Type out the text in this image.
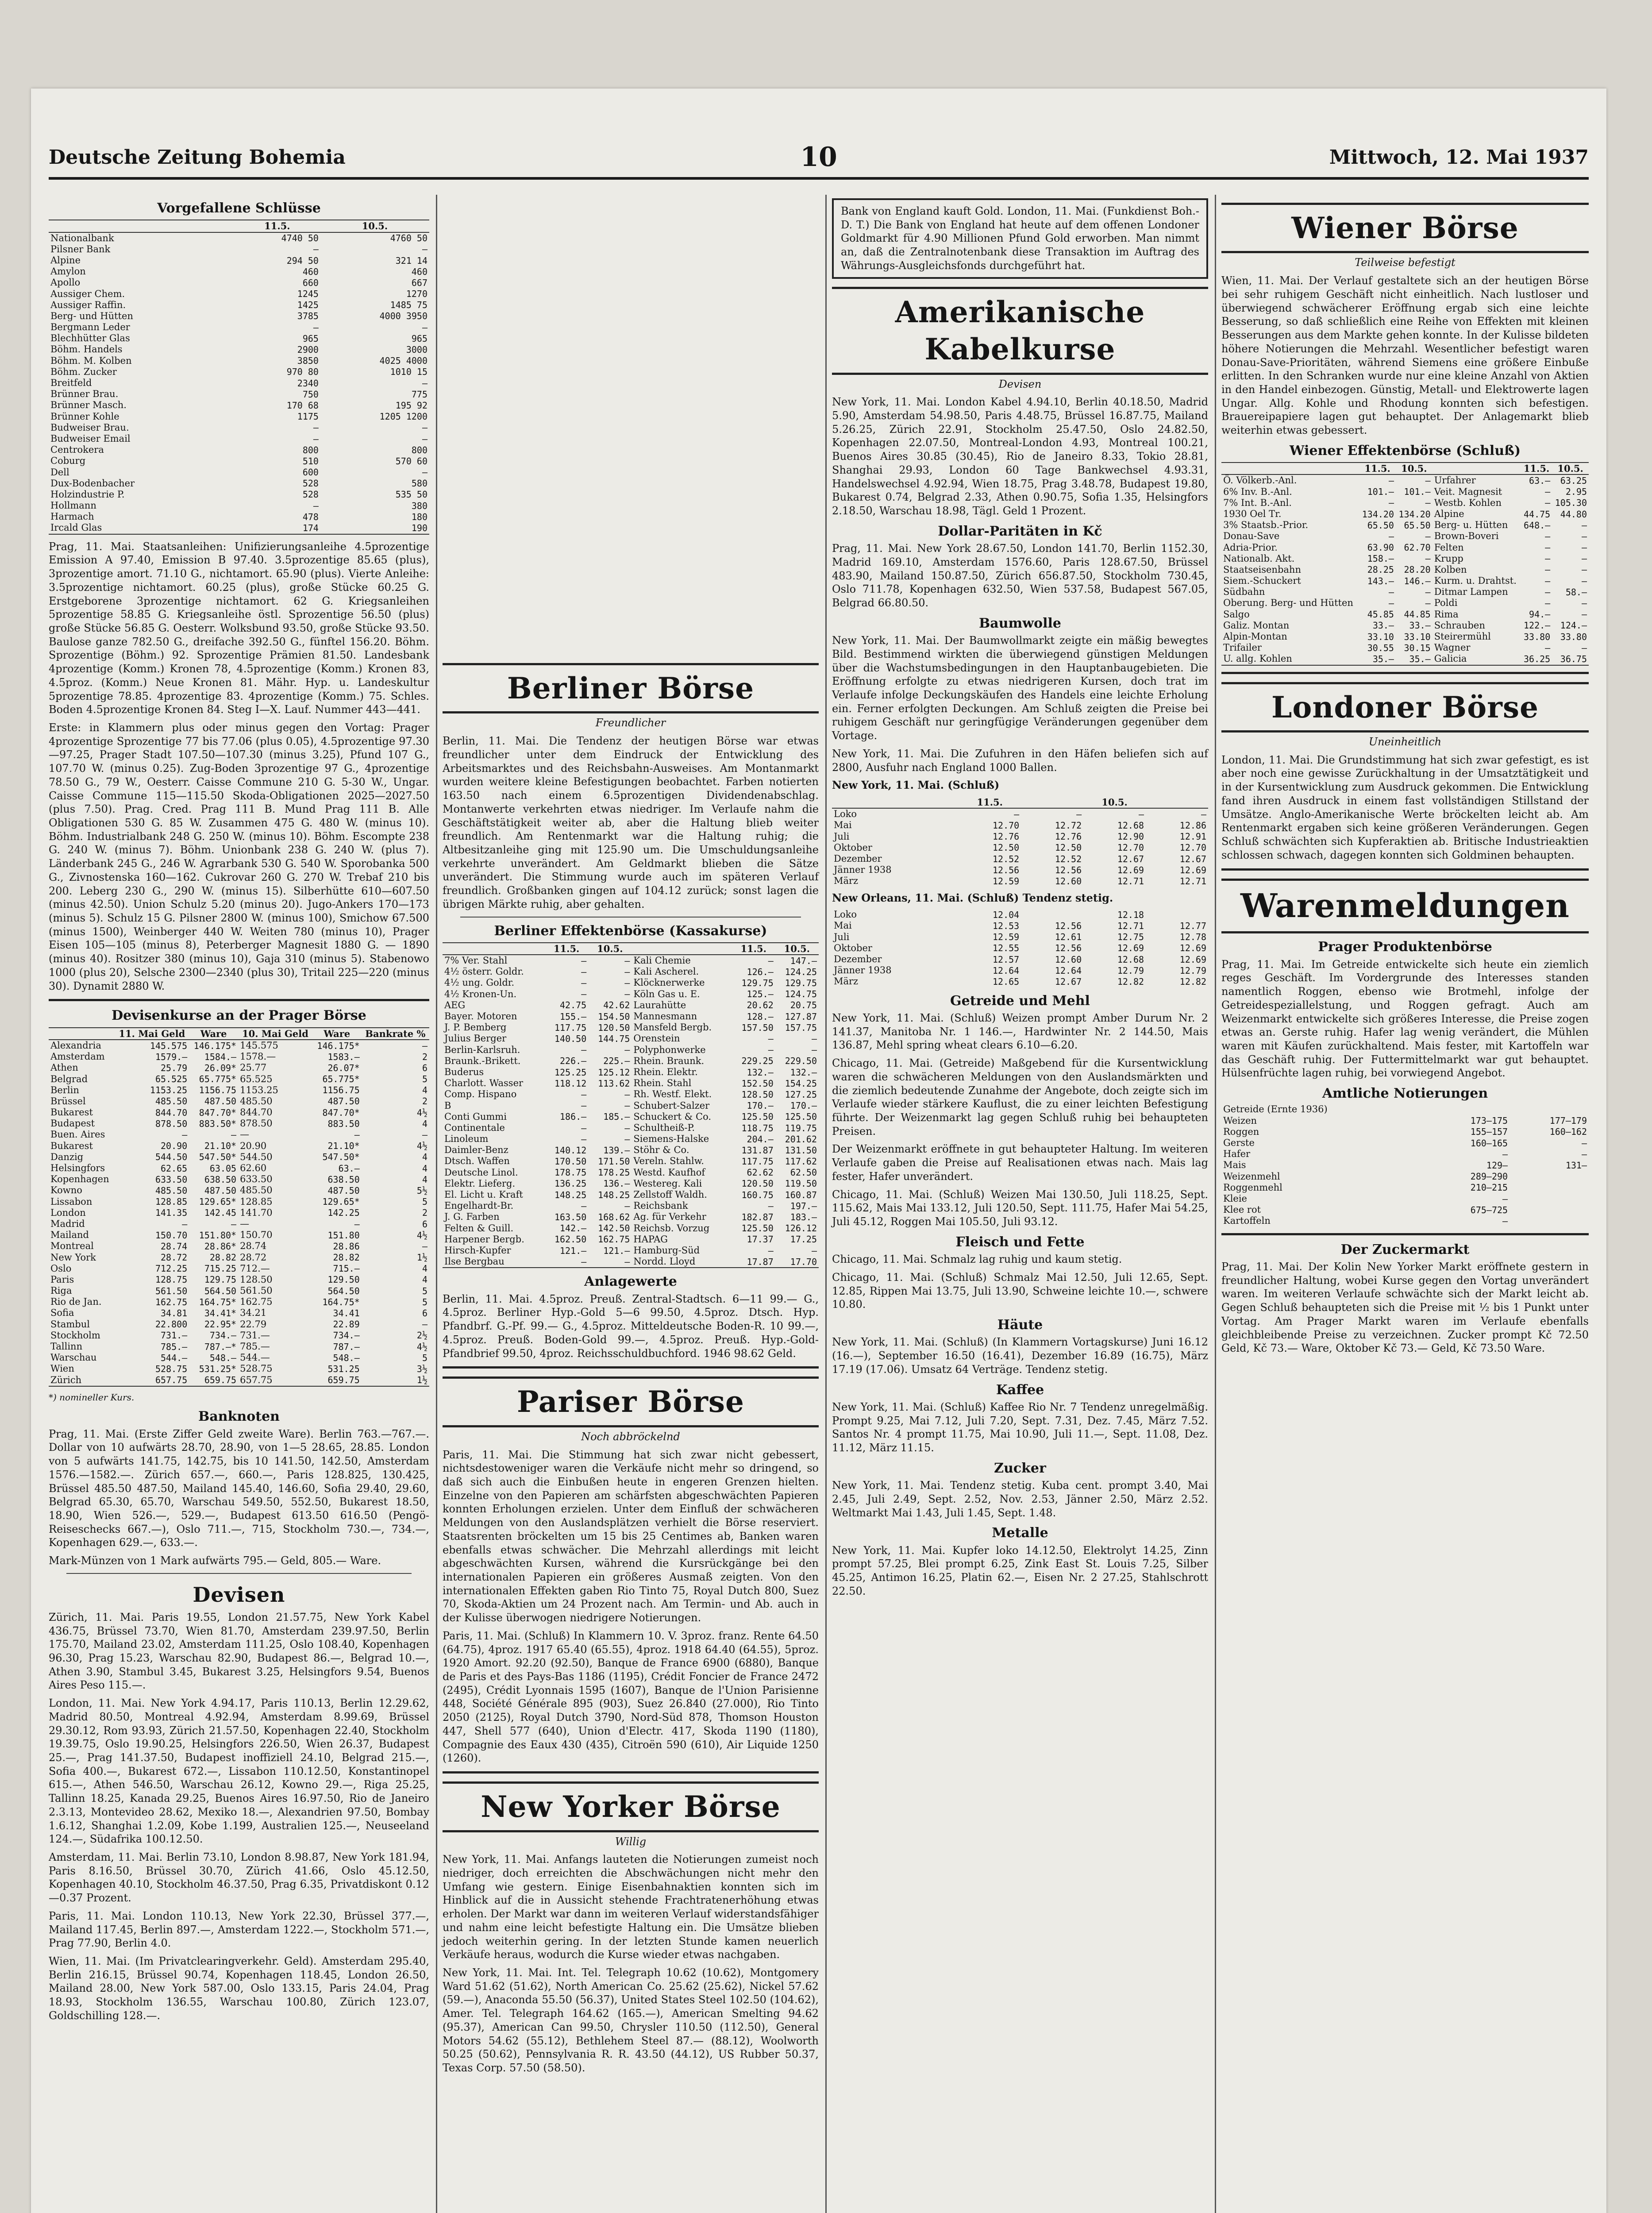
Deutsche Zeitung Bohemia	10	Mittwoch, 12. Mai 1937
Vorgefallene Schlüsse
	11.5.	10.5.
Nationalbank	4740 50	4760 50
Pilsner Bank	—	—
Alpine	294 50	321 14
Amylon	460	460
Apollo	660	667
Aussiger Chem.	1245	1270
Aussiger Raffin.	1425	1485 75
Berg- und Hütten	3785	4000 3950
Bergmann Leder	—	—
Blechhütter Glas	965	965
Böhm. Handels	2900	3000
Böhm. M. Kolben	3850	4025 4000
Böhm. Zucker	970 80	1010 15
Breitfeld	2340	—
Brünner Brau.	750	775
Brünner Masch.	170 68	195 92
Brünner Kohle	1175	1205 1200
Budweiser Brau.	—	—
Budweiser Email	—	—
Centrokera	800	800
Coburg	510	570 60
Dell	600	—
Dux-Bodenbacher	528	580
Holzindustrie P.	528	535 50
Hollmann	—	380
Harmach	478	180
Ircald Glas	174	190

Prag, 11. Mai. Staatsanleihen: Unifizierungsanleihe 4.5prozentige Emission A 97.40, Emission B 97.40. 3.5prozentige 85.65 (plus), 3prozentige amort. 71.10 G., nichtamort. 65.90 (plus). Vierte Anleihe: 3.5prozentige nichtamort. 60.25 (plus), große Stücke 60.25 G. Erstgeborene 3prozentige nichtamort. 62 G. Kriegsanleihen 5prozentige 58.85 G. Kriegsanleihe östl. Sprozentige 56.50 (plus) große Stücke 56.85 G. Oesterr. Wolksbund 93.50, große Stücke 93.50. Baulose ganze 782.50 G., dreifache 392.50 G., fünftel 156.20. Böhm. Sprozentige (Böhm.) 92. Sprozentige Prämien 81.50. Landesbank 4prozentige (Komm.) Kronen 78, 4.5prozentige (Komm.) Kronen 83, 4.5proz. (Komm.) Neue Kronen 81. Mähr. Hyp. u. Landeskultur 5prozentige 78.85. 4prozentige 83. 4prozentige (Komm.) 75. Schles. Boden 4.5prozentige Kronen 84. Steg I—X. Lauf. Nummer 443—441.

Erste: in Klammern plus oder minus gegen den Vortag: Prager 4prozentige Sprozentige 77 bis 77.06 (plus 0.05), 4.5prozentige 97.30—97.25, Prager Stadt 107.50—107.30 (minus 3.25), Pfund 107 G., 107.70 W. (minus 0.25). Zug-Boden 3prozentige 97 G., 4prozentige 78.50 G., 79 W., Oesterr. Caisse Commune 210 G. 5-30 W., Ungar. Caisse Commune 115—115.50 Skoda-Obligationen 2025—2027.50 (plus 7.50). Prag. Cred. Prag 111 B. Mund Prag 111 B. Alle Obligationen 530 G. 85 W. Zusammen 475 G. 480 W. (minus 10). Böhm. Industrialbank 248 G. 250 W. (minus 10). Böhm. Escompte 238 G. 240 W. (minus 7). Böhm. Unionbank 238 G. 240 W. (plus 7). Länderbank 245 G., 246 W. Agrarbank 530 G. 540 W. Sporobanka 500 G., Zivnostenska 160—162. Cukrovar 260 G. 270 W. Trebaf 210 bis 200. Leberg 230 G., 290 W. (minus 15). Silberhütte 610—607.50 (minus 42.50). Union Schulz 5.20 (minus 20). Jugo-Ankers 170—173 (minus 5). Schulz 15 G. Pilsner 2800 W. (minus 100), Smichow 67.500 (minus 1500), Weinberger 440 W. Weiten 780 (minus 10), Prager Eisen 105—105 (minus 8), Peterberger Magnesit 1880 G. — 1890 (minus 40). Rositzer 380 (minus 10), Gaja 310 (minus 5). Stabenowo 1000 (plus 20), Selsche 2300—2340 (plus 30), Tritail 225—220 (minus 30). Dynamit 2880 W.

Devisenkurse an der Prager Börse
	11. Mai Geld	Ware	10. Mai Geld	Ware	Bankrate %
Alexandria	145.575	146.175*	145.575	146.175*	—
Amsterdam	1579.—	1584.—	1578.—	1583.—	2
Athen	25.79	26.09*	25.77	26.07*	6
Belgrad	65.525	65.775*	65.525	65.775*	5
Berlin	1153.25	1156.75	1153.25	1156.75	4
Brüssel	485.50	487.50	485.50	487.50	2
Bukarest	844.70	847.70*	844.70	847.70*	4½
Budapest	878.50	883.50*	878.50	883.50	4
Buen. Aires	—	—	—	—	—
Bukarest	20.90	21.10*	20.90	21.10*	4½
Danzig	544.50	547.50*	544.50	547.50*	4
Helsingfors	62.65	63.05	62.60	63.—	4
Kopenhagen	633.50	638.50	633.50	638.50	4
Kowno	485.50	487.50	485.50	487.50	5½
Lissabon	128.85	129.65*	128.85	129.65*	5
London	141.35	142.45	141.70	142.25	2
Madrid	—	—	—	—	6
Mailand	150.70	151.80*	150.70	151.80	4½
Montreal	28.74	28.86*	28.74	28.86	—
New York	28.72	28.82	28.72	28.82	1½
Oslo	712.25	715.25	712.—	715.—	4
Paris	128.75	129.75	128.50	129.50	4
Riga	561.50	564.50	561.50	564.50	5
Rio de Jan.	162.75	164.75*	162.75	164.75*	5
Sofia	34.81	34.41*	34.21	34.41	6
Stambul	22.800	22.95*	22.79	22.89	—
Stockholm	731.—	734.—	731.—	734.—	2½
Tallinn	785.—	787.—*	785.—	787.—	4½
Warschau	544.—	548.—	544.—	548.—	5
Wien	528.75	531.25*	528.75	531.25	3½
Zürich	657.75	659.75	657.75	659.75	1½
*) nomineller Kurs.
Banknoten

Prag, 11. Mai. (Erste Ziffer Geld zweite Ware). Berlin 763.—767.—. Dollar von 10 aufwärts 28.70, 28.90, von 1—5 28.65, 28.85. London von 5 aufwärts 141.75, 142.75, bis 10 141.50, 142.50, Amsterdam 1576.—1582.—. Zürich 657.—, 660.—, Paris 128.825, 130.425, Brüssel 485.50 487.50, Mailand 145.40, 146.60, Sofia 29.40, 29.60, Belgrad 65.30, 65.70, Warschau 549.50, 552.50, Bukarest 18.50, 18.90, Wien 526.—, 529.—, Budapest 613.50 616.50 (Pengö-Reiseschecks 667.—), Oslo 711.—, 715, Stockholm 730.—, 734.—, Kopenhagen 629.—, 633.—.

Mark-Münzen von 1 Mark aufwärts 795.— Geld, 805.— Ware.

Devisen

Zürich, 11. Mai. Paris 19.55, London 21.57.75, New York Kabel 436.75, Brüssel 73.70, Wien 81.70, Amsterdam 239.97.50, Berlin 175.70, Mailand 23.02, Amsterdam 111.25, Oslo 108.40, Kopenhagen 96.30, Prag 15.23, Warschau 82.90, Budapest 86.—, Belgrad 10.—, Athen 3.90, Stambul 3.45, Bukarest 3.25, Helsingfors 9.54, Buenos Aires Peso 115.—.

London, 11. Mai. New York 4.94.17, Paris 110.13, Berlin 12.29.62, Madrid 80.50, Montreal 4.92.94, Amsterdam 8.99.69, Brüssel 29.30.12, Rom 93.93, Zürich 21.57.50, Kopenhagen 22.40, Stockholm 19.39.75, Oslo 19.90.25, Helsingfors 226.50, Wien 26.37, Budapest 25.—, Prag 141.37.50, Budapest inoffiziell 24.10, Belgrad 215.—, Sofia 400.—, Bukarest 672.—, Lissabon 110.12.50, Konstantinopel 615.—, Athen 546.50, Warschau 26.12, Kowno 29.—, Riga 25.25, Tallinn 18.25, Kanada 29.25, Buenos Aires 16.97.50, Rio de Janeiro 2.3.13, Montevideo 28.62, Mexiko 18.—, Alexandrien 97.50, Bombay 1.6.12, Shanghai 1.2.09, Kobe 1.199, Australien 125.—, Neuseeland 124.—, Südafrika 100.12.50.

Amsterdam, 11. Mai. Berlin 73.10, London 8.98.87, New York 181.94, Paris 8.16.50, Brüssel 30.70, Zürich 41.66, Oslo 45.12.50, Kopenhagen 40.10, Stockholm 46.37.50, Prag 6.35, Privatdiskont 0.12—0.37 Prozent.

Paris, 11. Mai. London 110.13, New York 22.30, Brüssel 377.—, Mailand 117.45, Berlin 897.—, Amsterdam 1222.—, Stockholm 571.—, Prag 77.90, Berlin 4.0.

Wien, 11. Mai. (Im Privatclearingverkehr. Geld). Amsterdam 295.40, Berlin 216.15, Brüssel 90.74, Kopenhagen 118.45, London 26.50, Mailand 28.00, New York 587.00, Oslo 133.15, Paris 24.04, Prag 18.93, Stockholm 136.55, Warschau 100.80, Zürich 123.07, Goldschilling 128.—.

Berliner Börse
Freundlicher

Berlin, 11. Mai. Die Tendenz der heutigen Börse war etwas freundlicher unter dem Eindruck der Entwicklung des Arbeitsmarktes und des Reichsbahn-Ausweises. Am Montanmarkt wurden weitere kleine Befestigungen beobachtet. Farben notierten 163.50 nach einem 6.5prozentigen Dividendenabschlag. Montanwerte verkehrten etwas niedriger. Im Verlaufe nahm die Geschäftstätigkeit weiter ab, aber die Haltung blieb weiter freundlich. Am Rentenmarkt war die Haltung ruhig; die Altbesitzanleihe ging mit 125.90 um. Die Umschuldungsanleihe verkehrte unverändert. Am Geldmarkt blieben die Sätze unverändert. Die Stimmung wurde auch im späteren Verlauf freundlich. Großbanken gingen auf 104.12 zurück; sonst lagen die übrigen Märkte ruhig, aber gehalten.

Berliner Effektenbörse (Kassakurse)
	11.5.	10.5.		11.5.	10.5.
7% Ver. Stahl	—	—	Kali Chemie	—	147.—
4½ österr. Goldr.	—	—	Kali Ascherel.	126.—	124.25
4½ ung. Goldr.	—	—	Klöcknerwerke	129.75	129.75
4½ Kronen-Un.	—	—	Köln Gas u. E.	125.—	124.75
AEG	42.75	42.62	Laurahütte	20.62	20.75
Bayer. Motoren	155.—	154.50	Mannesmann	128.—	127.87
J. P. Bemberg	117.75	120.50	Mansfeld Bergb.	157.50	157.75
Julius Berger	140.50	144.75	Orenstein	—	—
Berlin-Karlsruh.	—	—	Polyphonwerke	—	—
Braunk.-Brikett.	226.—	225.—	Rhein. Braunk.	229.25	229.50
Buderus	125.25	125.12	Rhein. Elektr.	132.—	132.—
Charlott. Wasser	118.12	113.62	Rhein. Stahl	152.50	154.25
Comp. Hispano	—	—	Rh. Westf. Elekt.	128.50	127.25
B	—	—	Schubert-Salzer	170.—	170.—
Conti Gummi	186.—	185.—	Schuckert & Co.	125.50	125.50
Continentale	—	—	Schultheiß-P.	118.75	119.75
Linoleum	—	—	Siemens-Halske	204.—	201.62
Daimler-Benz	140.12	139.—	Stöhr & Co.	131.87	131.50
Dtsch. Waffen	170.50	171.50	Vereln. Stahlw.	117.75	117.62
Deutsche Linol.	178.75	178.25	Westd. Kaufhof	62.62	62.50
Elektr. Lieferg.	136.25	136.—	Westereg. Kali	120.50	119.50
El. Licht u. Kraft	148.25	148.25	Zellstoff Waldh.	160.75	160.87
Engelhardt-Br.	—	—	Reichsbank	—	197.—
J. G. Farben	163.50	168.62	Ag. für Verkehr	182.87	183.—
Felten & Guill.	142.—	142.50	Reichsb. Vorzug	125.50	126.12
Harpener Bergb.	162.50	162.75	HAPAG	17.37	17.25
Hirsch-Kupfer	121.—	121.—	Hamburg-Süd	—	—
Ilse Bergbau	—	—	Nordd. Lloyd	17.87	17.70
Anlagewerte

Berlin, 11. Mai. 4.5proz. Preuß. Zentral-Stadtsch. 6—11 99.— G., 4.5proz. Berliner Hyp.-Gold 5—6 99.50, 4.5proz. Dtsch. Hyp. Pfandbrf. G.-Pf. 99.— G., 4.5proz. Mitteldeutsche Boden-R. 10 99.—, 4.5proz. Preuß. Boden-Gold 99.—, 4.5proz. Preuß. Hyp.-Gold-Pfandbrief 99.50, 4proz. Reichsschuldbuchford. 1946 98.62 Geld.

Pariser Börse
Noch abbröckelnd

Paris, 11. Mai. Die Stimmung hat sich zwar nicht gebessert, nichtsdestoweniger waren die Verkäufe nicht mehr so dringend, so daß sich auch die Einbußen heute in engeren Grenzen hielten. Einzelne von den Papieren am schärfsten abgeschwächten Papieren konnten Erholungen erzielen. Unter dem Einfluß der schwächeren Meldungen von den Auslandsplätzen verhielt die Börse reserviert. Staatsrenten bröckelten um 15 bis 25 Centimes ab, Banken waren ebenfalls etwas schwächer. Die Mehrzahl allerdings mit leicht abgeschwächten Kursen, während die Kursrückgänge bei den internationalen Papieren ein größeres Ausmaß zeigten. Von den internationalen Effekten gaben Rio Tinto 75, Royal Dutch 800, Suez 70, Skoda-Aktien um 24 Prozent nach. Am Termin- und Ab. auch in der Kulisse überwogen niedrigere Notierungen.

Paris, 11. Mai. (Schluß) In Klammern 10. V. 3proz. franz. Rente 64.50 (64.75), 4proz. 1917 65.40 (65.55), 4proz. 1918 64.40 (64.55), 5proz. 1920 Amort. 92.20 (92.50), Banque de France 6900 (6880), Banque de Paris et des Pays-Bas 1186 (1195), Crédit Foncier de France 2472 (2495), Crédit Lyonnais 1595 (1607), Banque de l'Union Parisienne 448, Société Générale 895 (903), Suez 26.840 (27.000), Rio Tinto 2050 (2125), Royal Dutch 3790, Nord-Süd 878, Thomson Houston 447, Shell 577 (640), Union d'Electr. 417, Skoda 1190 (1180), Compagnie des Eaux 430 (435), Citroën 590 (610), Air Liquide 1250 (1260).

New Yorker Börse
Willig

New York, 11. Mai. Anfangs lauteten die Notierungen zumeist noch niedriger, doch erreichten die Abschwächungen nicht mehr den Umfang wie gestern. Einige Eisenbahnaktien konnten sich im Hinblick auf die in Aussicht stehende Frachtratenerhöhung etwas erholen. Der Markt war dann im weiteren Verlauf widerstandsfähiger und nahm eine leicht befestigte Haltung ein. Die Umsätze blieben jedoch weiterhin gering. In der letzten Stunde kamen neuerlich Verkäufe heraus, wodurch die Kurse wieder etwas nachgaben.

New York, 11. Mai. Int. Tel. Telegraph 10.62 (10.62), Montgomery Ward 51.62 (51.62), North American Co. 25.62 (25.62), Nickel 57.62 (59.—), Anaconda 55.50 (56.37), United States Steel 102.50 (104.62), Amer. Tel. Telegraph 164.62 (165.—), American Smelting 94.62 (95.37), American Can 99.50, Chrysler 110.50 (112.50), General Motors 54.62 (55.12), Bethlehem Steel 87.— (88.12), Woolworth 50.25 (50.62), Pennsylvania R. R. 43.50 (44.12), US Rubber 50.37, Texas Corp. 57.50 (58.50).

Bank von England kauft Gold. London, 11. Mai. (Funkdienst Boh.-D. T.) Die Bank von England hat heute auf dem offenen Londoner Goldmarkt für 4.90 Millionen Pfund Gold erworben. Man nimmt an, daß die Zentralnotenbank diese Transaktion im Auftrag des Währungs-Ausgleichsfonds durchgeführt hat.

Amerikanische Kabelkurse
Devisen

New York, 11. Mai. London Kabel 4.94.10, Berlin 40.18.50, Madrid 5.90, Amsterdam 54.98.50, Paris 4.48.75, Brüssel 16.87.75, Mailand 5.26.25, Zürich 22.91, Stockholm 25.47.50, Oslo 24.82.50, Kopenhagen 22.07.50, Montreal-London 4.93, Montreal 100.21, Buenos Aires 30.85 (30.45), Rio de Janeiro 8.33, Tokio 28.81, Shanghai 29.93, London 60 Tage Bankwechsel 4.93.31, Handelswechsel 4.92.94, Wien 18.75, Prag 3.48.78, Budapest 19.80, Bukarest 0.74, Belgrad 2.33, Athen 0.90.75, Sofia 1.35, Helsingfors 2.18.50, Warschau 18.98, Tägl. Geld 1 Prozent.

Dollar-Paritäten in Kč

Prag, 11. Mai. New York 28.67.50, London 141.70, Berlin 1152.30, Madrid 169.10, Amsterdam 1576.60, Paris 128.67.50, Brüssel 483.90, Mailand 150.87.50, Zürich 656.87.50, Stockholm 730.45, Oslo 711.78, Kopenhagen 632.50, Wien 537.58, Budapest 567.05, Belgrad 66.80.50.

Baumwolle

New York, 11. Mai. Der Baumwollmarkt zeigte ein mäßig bewegtes Bild. Bestimmend wirkten die überwiegend günstigen Meldungen über die Wachstumsbedingungen in den Hauptanbaugebieten. Die Eröffnung erfolgte zu etwas niedrigeren Kursen, doch trat im Verlaufe infolge Deckungskäufen des Handels eine leichte Erholung ein. Ferner erfolgten Deckungen. Am Schluß zeigten die Preise bei ruhigem Geschäft nur geringfügige Veränderungen gegenüber dem Vortage.

New York, 11. Mai. Die Zufuhren in den Häfen beliefen sich auf 2800, Ausfuhr nach England 1000 Ballen.

New York, 11. Mai. (Schluß)

	11.5.		10.5.	
Loko	—	—	—	—
Mai	12.70	12.72	12.68	12.86
Juli	12.76	12.76	12.90	12.91
Oktober	12.50	12.50	12.70	12.70
Dezember	12.52	12.52	12.67	12.67
Jänner 1938	12.56	12.56	12.69	12.69
März	12.59	12.60	12.71	12.71

New Orleans, 11. Mai. (Schluß) Tendenz stetig.

Loko	12.04		12.18	
Mai	12.53	12.56	12.71	12.77
Juli	12.59	12.61	12.75	12.78
Oktober	12.55	12.56	12.69	12.69
Dezember	12.57	12.60	12.68	12.69
Jänner 1938	12.64	12.64	12.79	12.79
März	12.65	12.67	12.82	12.82
Getreide und Mehl

New York, 11. Mai. (Schluß) Weizen prompt Amber Durum Nr. 2 141.37, Manitoba Nr. 1 146.—, Hardwinter Nr. 2 144.50, Mais 136.87, Mehl spring wheat clears 6.10—6.20.

Chicago, 11. Mai. (Getreide) Maßgebend für die Kursentwicklung waren die schwächeren Meldungen von den Auslandsmärkten und die ziemlich bedeutende Zunahme der Angebote, doch zeigte sich im Verlaufe wieder stärkere Kauflust, die zu einer leichten Befestigung führte. Der Weizenmarkt lag gegen Schluß ruhig bei behaupteten Preisen.

Der Weizenmarkt eröffnete in gut behaupteter Haltung. Im weiteren Verlaufe gaben die Preise auf Realisationen etwas nach. Mais lag fester, Hafer unverändert.

Chicago, 11. Mai. (Schluß) Weizen Mai 130.50, Juli 118.25, Sept. 115.62, Mais Mai 133.12, Juli 120.50, Sept. 111.75, Hafer Mai 54.25, Juli 45.12, Roggen Mai 105.50, Juli 93.12.

Fleisch und Fette

Chicago, 11. Mai. Schmalz lag ruhig und kaum stetig.

Chicago, 11. Mai. (Schluß) Schmalz Mai 12.50, Juli 12.65, Sept. 12.85, Rippen Mai 13.75, Juli 13.90, Schweine leichte 10.—, schwere 10.80.

Häute

New York, 11. Mai. (Schluß) (In Klammern Vortagskurse) Juni 16.12 (16.—), September 16.50 (16.41), Dezember 16.89 (16.75), März 17.19 (17.06). Umsatz 64 Verträge. Tendenz stetig.

Kaffee

New York, 11. Mai. (Schluß) Kaffee Rio Nr. 7 Tendenz unregelmäßig. Prompt 9.25, Mai 7.12, Juli 7.20, Sept. 7.31, Dez. 7.45, März 7.52. Santos Nr. 4 prompt 11.75, Mai 10.90, Juli 11.—, Sept. 11.08, Dez. 11.12, März 11.15.

Zucker

New York, 11. Mai. Tendenz stetig. Kuba cent. prompt 3.40, Mai 2.45, Juli 2.49, Sept. 2.52, Nov. 2.53, Jänner 2.50, März 2.52. Weltmarkt Mai 1.43, Juli 1.45, Sept. 1.48.

Metalle

New York, 11. Mai. Kupfer loko 14.12.50, Elektrolyt 14.25, Zinn prompt 57.25, Blei prompt 6.25, Zink East St. Louis 7.25, Silber 45.25, Antimon 16.25, Platin 62.—, Eisen Nr. 2 27.25, Stahlschrott 22.50.

Wiener Börse
Teilweise befestigt

Wien, 11. Mai. Der Verlauf gestaltete sich an der heutigen Börse bei sehr ruhigem Geschäft nicht einheitlich. Nach lustloser und überwiegend schwächerer Eröffnung ergab sich eine leichte Besserung, so daß schließlich eine Reihe von Effekten mit kleinen Besserungen aus dem Markte gehen konnte. In der Kulisse bildeten höhere Notierungen die Mehrzahl. Wesentlicher befestigt waren Donau-Save-Prioritäten, während Siemens eine größere Einbuße erlitten. In den Schranken wurde nur eine kleine Anzahl von Aktien in den Handel einbezogen. Günstig, Metall- und Elektrowerte lagen Ungar. Allg. Kohle und Rhodung konnten sich befestigen. Brauereipapiere lagen gut behauptet. Der Anlagemarkt blieb weiterhin etwas gebessert.

Wiener Effektenbörse (Schluß)
	11.5.	10.5.		11.5.	10.5.
Ö. Völkerb.-Anl.	—	—	Urfahrer	63.—	63.25
6% Inv. B.-Anl.	101.—	101.—	Veit. Magnesit	—	2.95
7% Int. B.-Anl.	—	—	Westb. Kohlen	—	105.30
1930 Oel Tr.	134.20	134.20	Alpine	44.75	44.80
3% Staatsb.-Prior.	65.50	65.50	Berg- u. Hütten	648.—	—
Donau-Save	—	—	Brown-Boveri	—	—
Adria-Prior.	63.90	62.70	Felten	—	—
Nationalb. Akt.	158.—	—	Krupp	—	—
Staatseisenbahn	28.25	28.20	Kolben	—	—
Siem.-Schuckert	143.—	146.—	Kurm. u. Drahtst.	—	—
Südbahn	—	—	Ditmar Lampen	—	58.—
Oberung. Berg- und Hütten	—	—	Poldi	—	—
Salgo	45.85	44.85	Rima	94.—	—
Galiz. Montan	33.—	33.—	Schrauben	122.—	124.—
Alpin-Montan	33.10	33.10	Steirermühl	33.80	33.80
Trifailer	30.55	30.15	Wagner	—	—
U. allg. Kohlen	35.—	35.—	Galicia	36.25	36.75
Londoner Börse
Uneinheitlich

London, 11. Mai. Die Grundstimmung hat sich zwar gefestigt, es ist aber noch eine gewisse Zurückhaltung in der Umsatztätigkeit und in der Kursentwicklung zum Ausdruck gekommen. Die Entwicklung fand ihren Ausdruck in einem fast vollständigen Stillstand der Umsätze. Anglo-Amerikanische Werte bröckelten leicht ab. Am Rentenmarkt ergaben sich keine größeren Veränderungen. Gegen Schluß schwächten sich Kupferaktien ab. Britische Industrieaktien schlossen schwach, dagegen konnten sich Goldminen behaupten.

Warenmeldungen
Prager Produktenbörse

Prag, 11. Mai. Im Getreide entwickelte sich heute ein ziemlich reges Geschäft. Im Vordergrunde des Interesses standen namentlich Roggen, ebenso wie Brotmehl, infolge der Getreidespeziallelstung, und Roggen gefragt. Auch am Weizenmarkt entwickelte sich größeres Interesse, die Preise zogen etwas an. Gerste ruhig. Hafer lag wenig verändert, die Mühlen waren mit Käufen zurückhaltend. Mais fester, mit Kartoffeln war das Geschäft ruhig. Der Futtermittelmarkt war gut behauptet. Hülsenfrüchte lagen ruhig, bei vorwiegend Angebot.

Amtliche Notierungen
Getreide (Ernte 1936)		
Weizen	173—175	177—179
Roggen	155—157	160—162
Gerste	160—165	—
Hafer	—	—
Mais	129—	131—
Weizenmehl	289—290	
Roggenmehl	210—215	
Kleie	—	
Klee rot	675—725	
Kartoffeln	—	
Der Zuckermarkt

Prag, 11. Mai. Der Kolin New Yorker Markt eröffnete gestern in freundlicher Haltung, wobei Kurse gegen den Vortag unverändert waren. Im weiteren Verlaufe schwächte sich der Markt leicht ab. Gegen Schluß behaupteten sich die Preise mit ½ bis 1 Punkt unter Vortag. Am Prager Markt waren im Verlaufe ebenfalls gleichbleibende Preise zu verzeichnen. Zucker prompt Kč 72.50 Geld, Kč 73.— Ware, Oktober Kč 73.— Geld, Kč 73.50 Ware.
